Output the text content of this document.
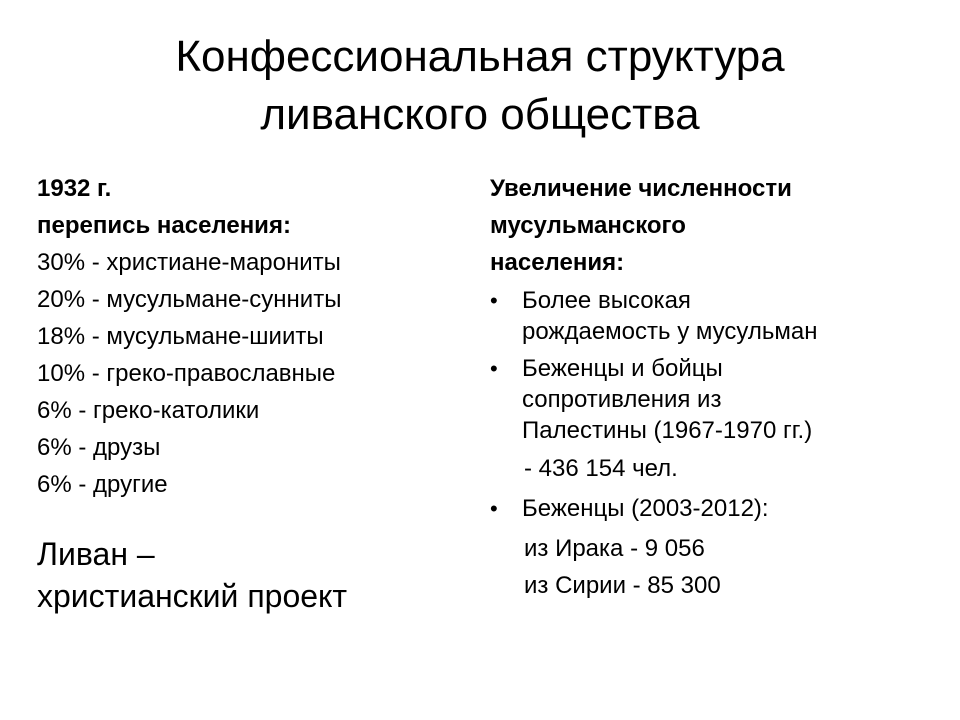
Конфессиональная структура
ливанского общества
1932 г.
перепись населения:
30% - христиане-марониты
20% - мусульмане-сунниты
18% - мусульмане-шииты
10% - греко-православные
6% - греко-католики
6% - друзы
6% - другие
Ливан –
христианский проект
Увеличение численности
мусульманского
населения:
• Более высокая
рождаемость у мусульман
• Беженцы и бойцы
сопротивления из
Палестины (1967-1970 гг.)
- 436 154 чел.
• Беженцы (2003-2012):
из Ирака - 9 056
из Сирии - 85 300
